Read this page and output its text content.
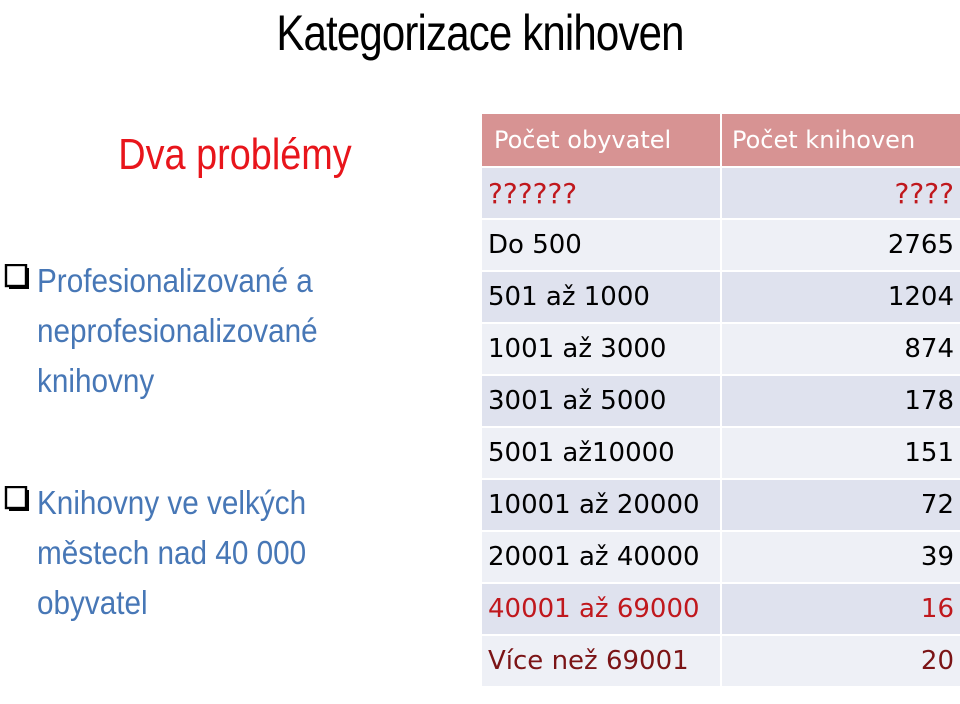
Kategorizace knihoven
Dva problémy
Profesionalizované a neprofesionalizované knihovny
Knihovny ve velkých městech nad 40 000 obyvatel
Počet obyvatel	Počet knihoven
??????	????
Do 500	2765
501 až 1000	1204
1001 až 3000	874
3001 až 5000	178
5001 až10000	151
10001 až 20000	72
20001 až 40000	39
40001 až 69000	16
Více než 69001	20
